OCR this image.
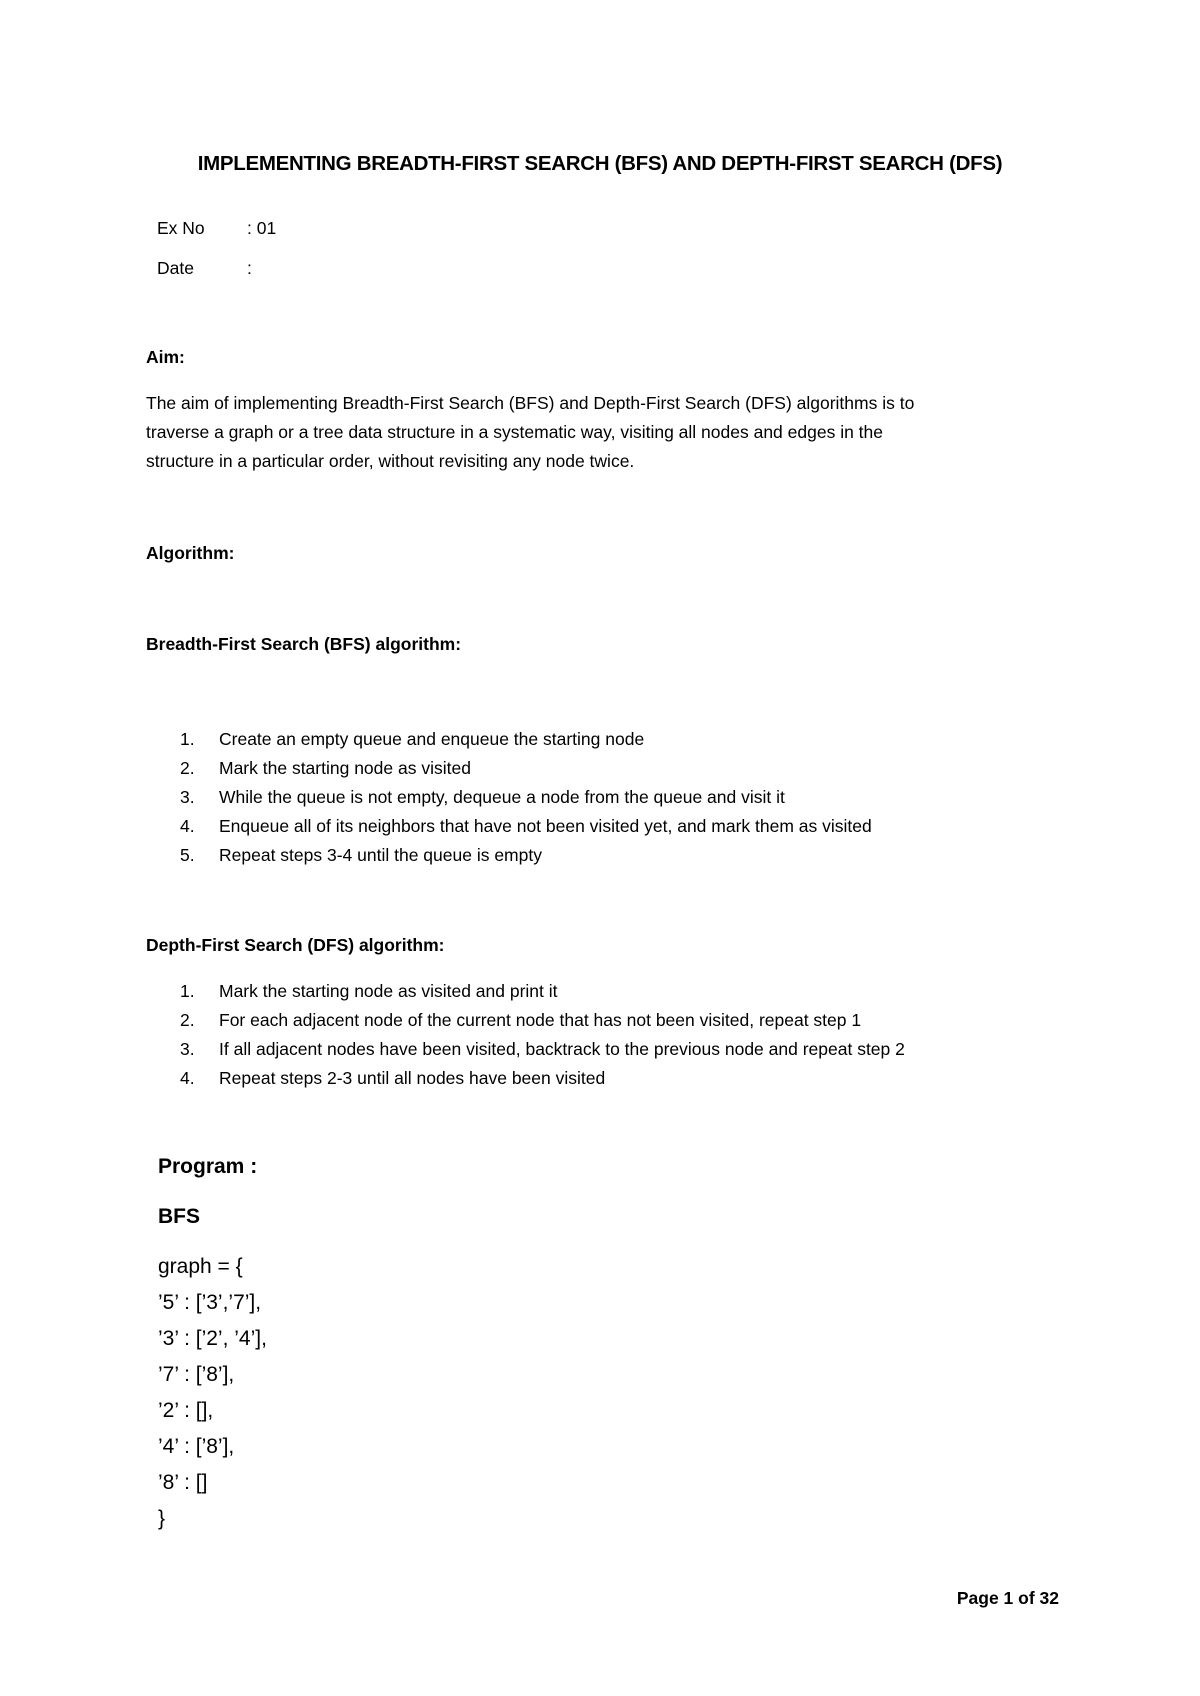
IMPLEMENTING BREADTH-FIRST SEARCH (BFS) AND DEPTH-FIRST SEARCH (DFS)
Ex No : 01
Date	:
Aim:
The aim of implementing Breadth-First Search (BFS) and Depth-First Search (DFS) algorithms is to
traverse a graph or a tree data structure in a systematic way, visiting all nodes and edges in the
structure in a particular order, without revisiting any node twice.
Algorithm:
Breadth-First Search (BFS) algorithm:
1. Create an empty queue and enqueue the starting node
2. Mark the starting node as visited
3. While the queue is not empty, dequeue a node from the queue and visit it
4. Enqueue all of its neighbors that have not been visited yet, and mark them as visited
5. Repeat steps 3-4 until the queue is empty
Depth-First Search (DFS) algorithm:
1. Mark the starting node as visited and print it
2. For each adjacent node of the current node that has not been visited, repeat step 1
3. If all adjacent nodes have been visited, backtrack to the previous node and repeat step 2
4. Repeat steps 2-3 until all nodes have been visited
Program :
BFS
graph = {
’5’ : [’3’,’7’],
’3’ : [’2’, ’4’],
’7’ : [’8’],
’2’ : [],
’4’ : [’8’],
’8’ : []
}
Page 1 of 32
